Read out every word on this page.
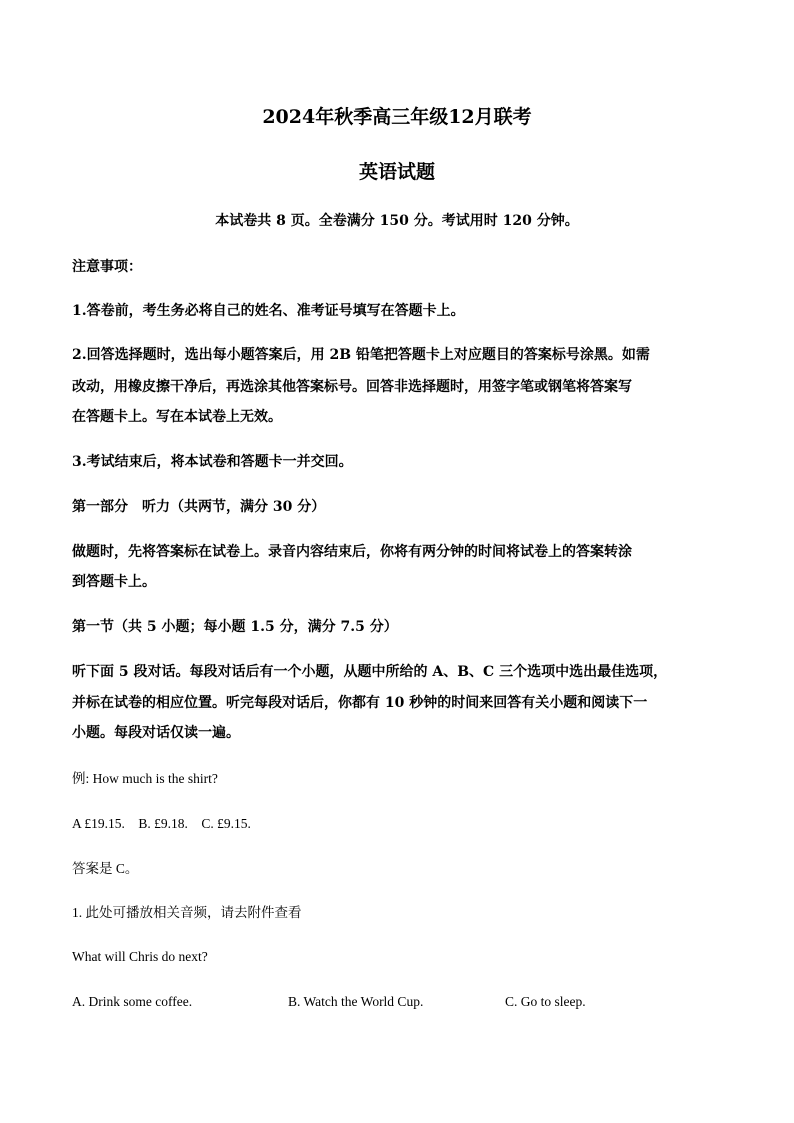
2024年秋季高三年级12月联考
英语试题
本试卷共 8 页。全卷满分 150 分。考试用时 120 分钟。
注意事项：
1.答卷前，考生务必将自己的姓名、准考证号填写在答题卡上。
2.回答选择题时，选出每小题答案后，用 2B 铅笔把答题卡上对应题目的答案标号涂黑。如需
改动，用橡皮擦干净后，再选涂其他答案标号。回答非选择题时，用签字笔或钢笔将答案写
在答题卡上。写在本试卷上无效。
3.考试结束后，将本试卷和答题卡一并交回。
第一部分　听力（共两节，满分 30 分）
做题时，先将答案标在试卷上。录音内容结束后，你将有两分钟的时间将试卷上的答案转涂
到答题卡上。
第一节（共 5 小题；每小题 1.5 分，满分 7.5 分）
听下面 5 段对话。每段对话后有一个小题，从题中所给的 A、B、C 三个选项中选出最佳选项，
并标在试卷的相应位置。听完每段对话后，你都有 10 秒钟的时间来回答有关小题和阅读下一
小题。每段对话仅读一遍。
例: How much is the shirt?
A £19.15.　B. £9.18.　C. £9.15.
答案是 C。
1. 此处可播放相关音频，请去附件查看
What will Chris do next?
A. Drink some coffee.	B. Watch the World Cup.	C. Go to sleep.
